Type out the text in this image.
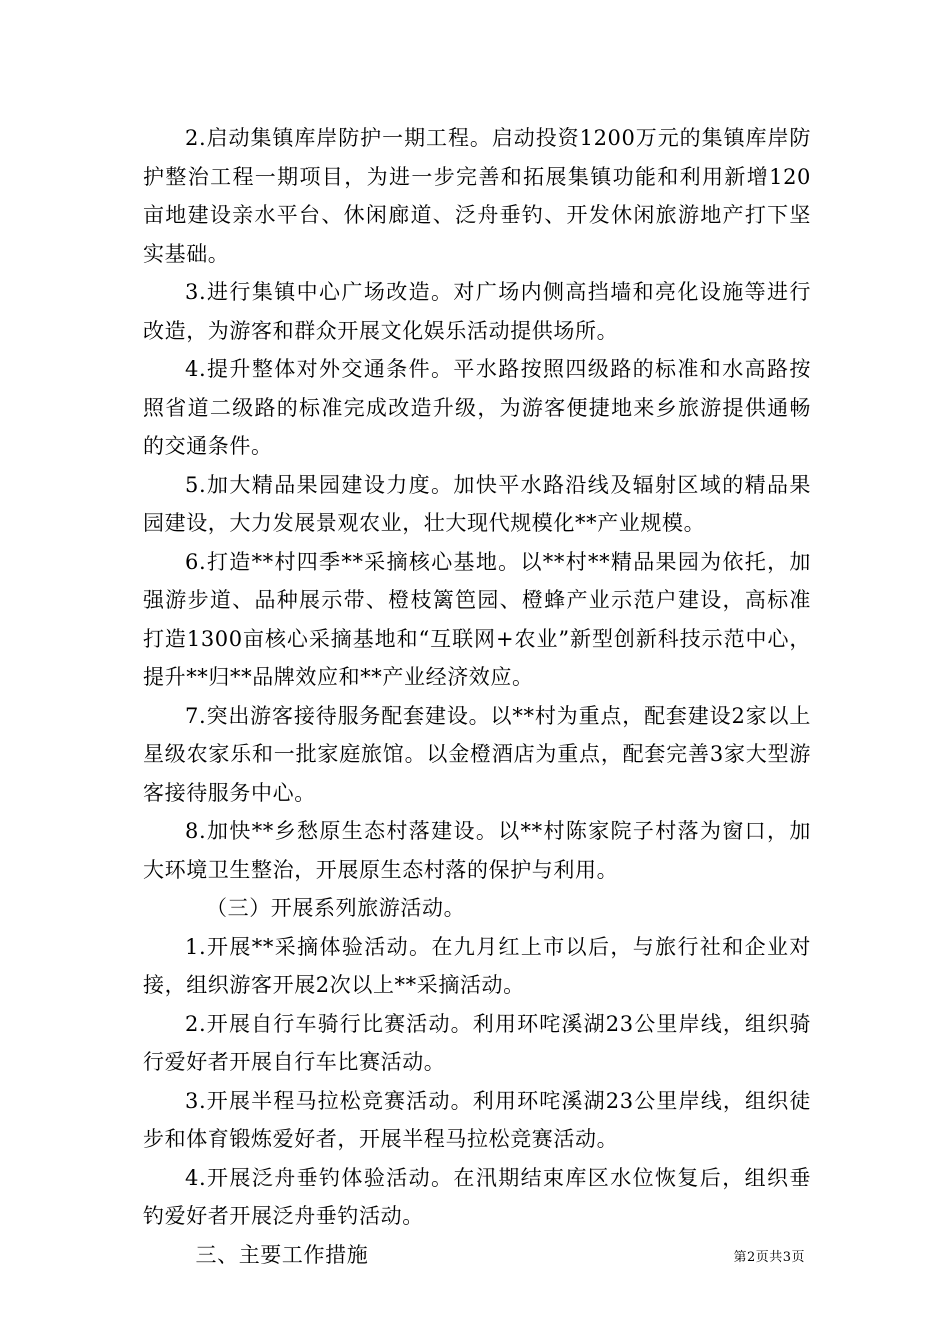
2.启动集镇库岸防护一期工程。启动投资1200万元的集镇库岸防护整治工程一期项目，为进一步完善和拓展集镇功能和利用新增120亩地建设亲水平台、休闲廊道、泛舟垂钓、开发休闲旅游地产打下坚实基础。

3.进行集镇中心广场改造。对广场内侧高挡墙和亮化设施等进行改造，为游客和群众开展文化娱乐活动提供场所。

4.提升整体对外交通条件。平水路按照四级路的标准和水高路按照省道二级路的标准完成改造升级，为游客便捷地来乡旅游提供通畅的交通条件。

5.加大精品果园建设力度。加快平水路沿线及辐射区域的精品果园建设，大力发展景观农业，壮大现代规模化**产业规模。

6.打造**村四季**采摘核心基地。以**村**精品果园为依托，加强游步道、品种展示带、橙枝篱笆园、橙蜂产业示范户建设，高标准打造1300亩核心采摘基地和“互联网+农业”新型创新科技示范中心，提升**归**品牌效应和**产业经济效应。

7.突出游客接待服务配套建设。以**村为重点，配套建设2家以上星级农家乐和一批家庭旅馆。以金橙酒店为重点，配套完善3家大型游客接待服务中心。

8.加快**乡愁原生态村落建设。以**村陈家院子村落为窗口，加大环境卫生整治，开展原生态村落的保护与利用。

（三）开展系列旅游活动。

1.开展**采摘体验活动。在九月红上市以后，与旅行社和企业对接，组织游客开展2次以上**采摘活动。

2.开展自行车骑行比赛活动。利用环咤溪湖23公里岸线，组织骑行爱好者开展自行车比赛活动。

3.开展半程马拉松竞赛活动。利用环咤溪湖23公里岸线，组织徒步和体育锻炼爱好者，开展半程马拉松竞赛活动。

4.开展泛舟垂钓体验活动。在汛期结束库区水位恢复后，组织垂钓爱好者开展泛舟垂钓活动。

三、主要工作措施	第2页共3页
